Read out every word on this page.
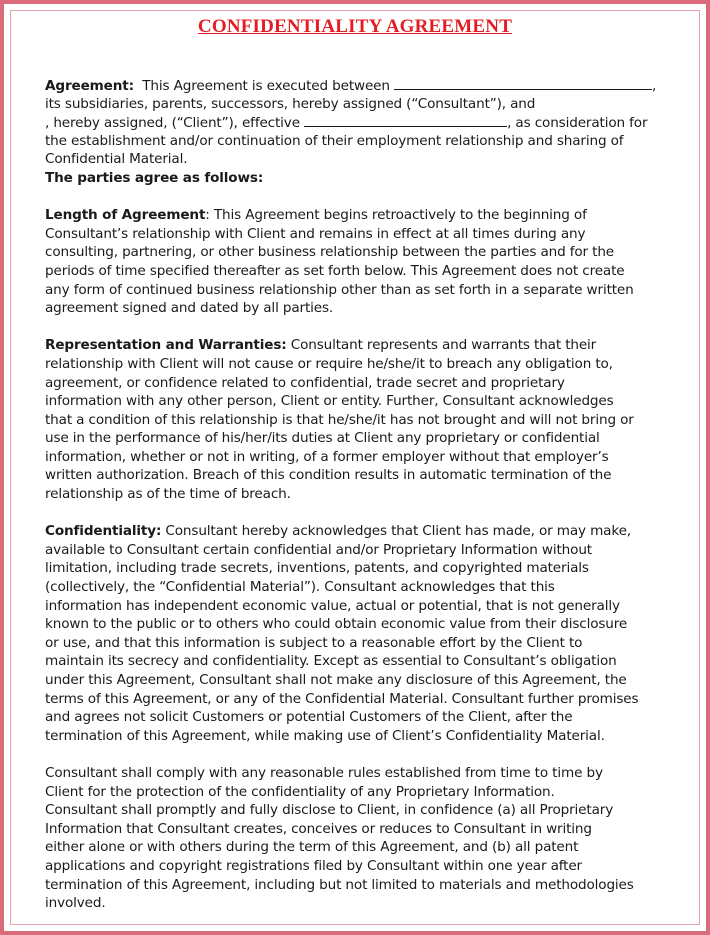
CONFIDENTIALITY AGREEMENT
Agreement: This Agreement is executed between	,
its subsidiaries, parents, successors, hereby assigned (“Consultant”), and
, hereby assigned, (“Client”), effective	, as consideration for
the establishment and/or continuation of their employment relationship and sharing of
Confidential Material.
The parties agree as follows:
Length of Agreement: This Agreement begins retroactively to the beginning of
Consultant’s relationship with Client and remains in effect at all times during any
consulting, partnering, or other business relationship between the parties and for the
periods of time specified thereafter as set forth below. This Agreement does not create
any form of continued business relationship other than as set forth in a separate written
agreement signed and dated by all parties.
Representation and Warranties: Consultant represents and warrants that their
relationship with Client will not cause or require he/she/it to breach any obligation to,
agreement, or confidence related to confidential, trade secret and proprietary
information with any other person, Client or entity. Further, Consultant acknowledges
that a condition of this relationship is that he/she/it has not brought and will not bring or
use in the performance of his/her/its duties at Client any proprietary or confidential
information, whether or not in writing, of a former employer without that employer’s
written authorization. Breach of this condition results in automatic termination of the
relationship as of the time of breach.
Confidentiality: Consultant hereby acknowledges that Client has made, or may make,
available to Consultant certain confidential and/or Proprietary Information without
limitation, including trade secrets, inventions, patents, and copyrighted materials
(collectively, the “Confidential Material”). Consultant acknowledges that this
information has independent economic value, actual or potential, that is not generally
known to the public or to others who could obtain economic value from their disclosure
or use, and that this information is subject to a reasonable effort by the Client to
maintain its secrecy and confidentiality. Except as essential to Consultant’s obligation
under this Agreement, Consultant shall not make any disclosure of this Agreement, the
terms of this Agreement, or any of the Confidential Material. Consultant further promises
and agrees not solicit Customers or potential Customers of the Client, after the
termination of this Agreement, while making use of Client’s Confidentiality Material.
Consultant shall comply with any reasonable rules established from time to time by
Client for the protection of the confidentiality of any Proprietary Information.
Consultant shall promptly and fully disclose to Client, in confidence (a) all Proprietary
Information that Consultant creates, conceives or reduces to Consultant in writing
either alone or with others during the term of this Agreement, and (b) all patent
applications and copyright registrations filed by Consultant within one year after
termination of this Agreement, including but not limited to materials and methodologies
involved.
